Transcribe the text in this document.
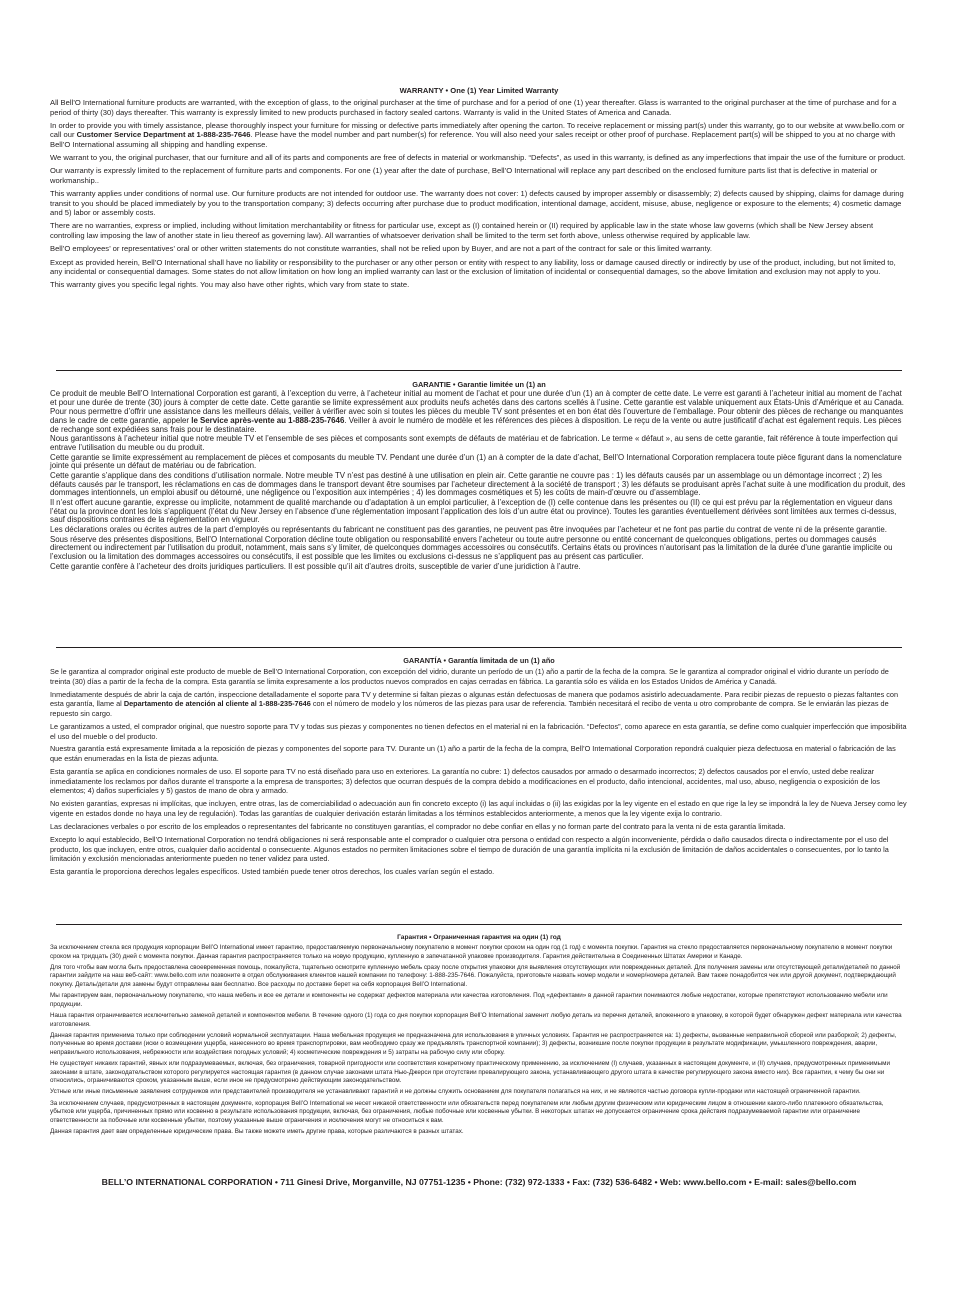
WARRANTY • One (1) Year Limited Warranty

All Bell’O International furniture products are warranted, with the exception of glass, to the original purchaser at the time of purchase and for a period of one (1) year thereafter. Glass is warranted to the original purchaser at the time of purchase and for a period of thirty (30) days thereafter. This warranty is expressly limited to new products purchased in factory sealed cartons. Warranty is valid in the United States of America and Canada.

In order to provide you with timely assistance, please thoroughly inspect your furniture for missing or defective parts immediately after opening the carton. To receive replacement or missing part(s) under this warranty, go to our website at www.bello.com or call our Customer Service Department at 1-888-235-7646. Please have the model number and part number(s) for reference. You will also need your sales receipt or other proof of purchase. Replacement part(s) will be shipped to you at no charge with Bell’O International assuming all shipping and handling expense.

We warrant to you, the original purchaser, that our furniture and all of its parts and components are free of defects in material or workmanship. “Defects”, as used in this warranty, is defined as any imperfections that impair the use of the furniture or product.

Our warranty is expressly limited to the replacement of furniture parts and components. For one (1) year after the date of purchase, Bell’O International will replace any part described on the enclosed furniture parts list that is defective in material or workmanship..

This warranty applies under conditions of normal use. Our furniture products are not intended for outdoor use. The warranty does not cover: 1) defects caused by improper assembly or disassembly; 2) defects caused by shipping, claims for damage during transit to you should be placed immediately by you to the transportation company; 3) defects occurring after purchase due to product modification, intentional damage, accident, misuse, abuse, negligence or exposure to the elements; 4) cosmetic damage and 5) labor or assembly costs.

There are no warranties, express or implied, including without limitation merchantability or fitness for particular use, except as (I) contained herein or (II) required by applicable law in the state whose law governs (which shall be New Jersey absent controlling law imposing the law of another state in lieu thereof as governing law). All warranties of whatsoever derivation shall be limited to the term set forth above, unless otherwise required by applicable law.

Bell’O employees’ or representatives’ oral or other written statements do not constitute warranties, shall not be relied upon by Buyer, and are not a part of the contract for sale or this limited warranty.

Except as provided herein, Bell’O International shall have no liability or responsibility to the purchaser or any other person or entity with respect to any liability, loss or damage caused directly or indirectly by use of the product, including, but not limited to, any incidental or consequential damages. Some states do not allow limitation on how long an implied warranty can last or the exclusion of limitation of incidental or consequential damages, so the above limitation and exclusion may not apply to you.

This warranty gives you specific legal rights. You may also have other rights, which vary from state to state.

GARANTIE • Garantie limitée un (1) an

Ce produit de meuble Bell’O International Corporation est garanti, à l’exception du verre, à l’acheteur initial au moment de l’achat et pour une durée d’un (1) an à compter de cette date. Le verre est garanti à l’acheteur initial au moment de l’achat et pour une durée de trente (30) jours à compter de cette date. Cette garantie se limite expressément aux produits neufs achetés dans des cartons scellés à l’usine. Cette garantie est valable uniquement aux États-Unis d’Amérique et au Canada.

Pour nous permettre d’offrir une assistance dans les meilleurs délais, veiller à vérifier avec soin si toutes les pièces du meuble TV sont présentes et en bon état dès l’ouverture de l’emballage. Pour obtenir des pièces de rechange ou manquantes dans le cadre de cette garantie, appeler le Service après-vente au 1-888-235-7646. Veiller à avoir le numéro de modèle et les références des pièces à disposition. Le reçu de la vente ou autre justificatif d’achat est également requis. Les pièces de rechange sont expédiées sans frais pour le destinataire.

Nous garantissons à l’acheteur initial que notre meuble TV et l’ensemble de ses pièces et composants sont exempts de défauts de matériau et de fabrication. Le terme « défaut », au sens de cette garantie, fait référence à toute imperfection qui entrave l’utilisation du meuble ou du produit.

Cette garantie se limite expressément au remplacement de pièces et composants du meuble TV. Pendant une durée d’un (1) an à compter de la date d’achat, Bell’O International Corporation remplacera toute pièce figurant dans la nomenclature jointe qui présente un défaut de matériau ou de fabrication.

Cette garantie s’applique dans des conditions d’utilisation normale. Notre meuble TV n’est pas destiné à une utilisation en plein air. Cette garantie ne couvre pas : 1) les défauts causés par un assemblage ou un démontage incorrect ; 2) les défauts causés par le transport, les réclamations en cas de dommages dans le transport devant être soumises par l’acheteur directement à la société de transport ; 3) les défauts se produisant après l’achat suite à une modification du produit, des dommages intentionnels, un emploi abusif ou détourné, une négligence ou l’exposition aux intempéries ; 4) les dommages cosmétiques et 5) les coûts de main-d’œuvre ou d’assemblage.

Il n’est offert aucune garantie, expresse ou implicite, notamment de qualité marchande ou d’adaptation à un emploi particulier, à l’exception de (I) celle contenue dans les présentes ou (II) ce qui est prévu par la réglementation en vigueur dans l’état ou la province dont les lois s’appliquent (l’état du New Jersey en l’absence d’une réglementation imposant l’application des lois d’un autre état ou province). Toutes les garanties éventuellement dérivées sont limitées aux termes ci-dessus, sauf dispositions contraires de la réglementation en vigueur.

Les déclarations orales ou écrites autres de la part d’employés ou représentants du fabricant ne constituent pas des garanties, ne peuvent pas être invoquées par l’acheteur et ne font pas partie du contrat de vente ni de la présente garantie.

Sous réserve des présentes dispositions, Bell’O International Corporation décline toute obligation ou responsabilité envers l’acheteur ou toute autre personne ou entité concernant de quelconques obligations, pertes ou dommages causés directement ou indirectement par l’utilisation du produit, notamment, mais sans s’y limiter, de quelconques dommages accessoires ou consécutifs. Certains états ou provinces n’autorisant pas la limitation de la durée d’une garantie implicite ou l’exclusion ou la limitation des dommages accessoires ou consécutifs, il est possible que les limites ou exclusions ci-dessus ne s’appliquent pas au présent cas particulier.

Cette garantie confère à l’acheteur des droits juridiques particuliers. Il est possible qu’il ait d’autres droits, susceptible de varier d’une juridiction à l’autre.

GARANTÍA • Garantía limitada de un (1) año

Se le garantiza al comprador original este producto de mueble de Bell’O International Corporation, con excepción del vidrio, durante un período de un (1) año a partir de la fecha de la compra. Se le garantiza al comprador original el vidrio durante un período de treinta (30) días a partir de la fecha de la compra. Esta garantía se limita expresamente a los productos nuevos comprados en cajas cerradas en fábrica. La garantía sólo es válida en los Estados Unidos de América y Canadá.

Inmediatamente después de abrir la caja de cartón, inspeccione detalladamente el soporte para TV y determine si faltan piezas o algunas están defectuosas de manera que podamos asistirlo adecuadamente. Para recibir piezas de repuesto o piezas faltantes con esta garantía, llame al Departamento de atención al cliente al 1-888-235-7646 con el número de modelo y los números de las piezas para usar de referencia. También necesitará el recibo de venta u otro comprobante de compra. Se le enviarán las piezas de repuesto sin cargo.

Le garantizamos a usted, el comprador original, que nuestro soporte para TV y todas sus piezas y componentes no tienen defectos en el material ni en la fabricación. “Defectos”, como aparece en esta garantía, se define como cualquier imperfección que imposibilita el uso del mueble o del producto.

Nuestra garantía está expresamente limitada a la reposición de piezas y componentes del soporte para TV. Durante un (1) año a partir de la fecha de la compra, Bell’O International Corporation repondrá cualquier pieza defectuosa en material o fabricación de las que están enumeradas en la lista de piezas adjunta.

Esta garantía se aplica en condiciones normales de uso. El soporte para TV no está diseñado para uso en exteriores. La garantía no cubre: 1) defectos causados por armado o desarmado incorrectos; 2) defectos causados por el envío, usted debe realizar inmediatamente los reclamos por daños durante el transporte a la empresa de transportes; 3) defectos que ocurran después de la compra debido a modificaciones en el producto, daño intencional, accidentes, mal uso, abuso, negligencia o exposición de los elementos; 4) daños superficiales y 5) gastos de mano de obra y armado.

No existen garantías, expresas ni implícitas, que incluyen, entre otras, las de comerciabilidad o adecuación aun fin concreto excepto (i) las aquí incluidas o (ii) las exigidas por la ley vigente en el estado en que rige la ley se impondrá la ley de Nueva Jersey como ley vigente en estados donde no haya una ley de regulación). Todas las garantías de cualquier derivación estarán limitadas a los términos establecidos anteriormente, a menos que la ley vigente exija lo contrario.

Las declaraciones verbales o por escrito de los empleados o representantes del fabricante no constituyen garantías, el comprador no debe confiar en ellas y no forman parte del contrato para la venta ni de esta garantía limitada.

Excepto lo aquí establecido, Bell’O International Corporation no tendrá obligaciones ni será responsable ante el comprador o cualquier otra persona o entidad con respecto a algún inconveniente, pérdida o daño causados directa o indirectamente por el uso del producto, los que incluyen, entre otros, cualquier daño accidental o consecuente. Algunos estados no permiten limitaciones sobre el tiempo de duración de una garantía implícita ni la exclusión de limitación de daños accidentales o consecuentes, por lo tanto la limitación y exclusión mencionadas anteriormente pueden no tener validez para usted.

Esta garantía le proporciona derechos legales específicos. Usted también puede tener otros derechos, los cuales varían según el estado.

Гарантия • Ограниченная гарантия на один (1) год

За исключением стекла вся продукция корпорации Bell’O International имеет гарантию, предоставляемую первоначальному покупателю в момент покупки сроком на один год (1 год) с момента покупки. Гарантия на стекло предоставляется первоначальному покупателю в момент покупки сроком на тридцать (30) дней с момента покупки. Данная гарантия распространяется только на новую продукцию, купленную в запечатанной упаковке производителя. Гарантия действительна в Соединенных Штатах Америки и Канаде.

Для того чтобы вам могла быть предоставлена своевременная помощь, пожалуйста, тщательно осмотрите купленную мебель сразу после открытия упаковки для выявления отсутствующих или поврежденных деталей. Для получения замены или отсутствующей детали/деталей по данной гарантии зайдите на наш веб-сайт: www.bello.com или позвоните в отдел обслуживания клиентов нашей компании по телефону: 1-888-235-7646. Пожалуйста, приготовьте назвать номер модели и номер/номера деталей. Вам также понадобится чек или другой документ, подтверждающий покупку. Деталь/детали для замены будут отправлены вам бесплатно. Все расходы по доставке берет на себя корпорация Bell’O International.

Мы гарантируем вам, первоначальному покупателю, что наша мебель и все ее детали и компоненты не содержат дефектов материала или качества изготовления. Под «дефектами» в данной гарантии понимаются любые недостатки, которые препятствуют использованию мебели или продукции.

Наша гарантия ограничивается исключительно заменой деталей и компонентов мебели. В течение одного (1) года со дня покупки корпорация Bell’O International заменит любую деталь из перечня деталей, вложенного в упаковку, в которой будет обнаружен дефект материала или качества изготовления.

Данная гарантия применима только при соблюдении условий нормальной эксплуатации. Наша мебельная продукция не предназначена для использования в уличных условиях. Гарантия не распространяется на: 1) дефекты, вызванные неправильной сборкой или разборкой; 2) дефекты, полученные во время доставки (иски о возмещении ущерба, нанесенного во время транспортировки, вам необходимо сразу же предъявлять транспортной компании); 3) дефекты, возникшие после покупки продукции в результате модификации, умышленного повреждения, аварии, неправильного использования, небрежности или воздействия погодных условий; 4) косметические повреждения и 5) затраты на рабочую силу или сборку.

Не существует никаких гарантий, явных или подразумеваемых, включая, без ограничения, товарной пригодности или соответствия конкретному практическому применению, за исключением (I) случаев, указанных в настоящем документе, и (II) случаев, предусмотренных применимыми законами в штате, законодательством которого регулируется настоящая гарантия (в данном случае законами штата Нью-Джерси при отсутствии превалирующего закона, устанавливающего другого штата в качестве регулирующего закона вместо них). Все гарантии, к чему бы они ни относились, ограничиваются сроком, указанным выше, если иное не предусмотрено действующим законодательством.

Устные или иные письменные заявления сотрудников или представителей производителя не устанавливают гарантий и не должны служить основанием для покупателя полагаться на них, и не являются частью договора купли-продажи или настоящей ограниченной гарантии.

За исключением случаев, предусмотренных в настоящем документе, корпорация Bell’O International не несет никакой ответственности или обязательств перед покупателем или любым другим физическим или юридическим лицом в отношении какого-либо платежного обязательства, убытков или ущерба, причиненных прямо или косвенно в результате использования продукции, включая, без ограничения, любые побочные или косвенные убытки. В некоторых штатах не допускается ограничение срока действия подразумеваемой гарантии или ограничение ответственности за побочные или косвенные убытки, поэтому указанные выше ограничения и исключения могут не относиться к вам.

Данная гарантия дает вам определенные юридические права. Вы также можете иметь другие права, которые различаются в разных штатах.

BELL’O INTERNATIONAL CORPORATION • 711 Ginesi Drive, Morganville, NJ 07751-1235 • Phone: (732) 972-1333 • Fax: (732) 536-6482 • Web: www.bello.com • E-mail: sales@bello.com
